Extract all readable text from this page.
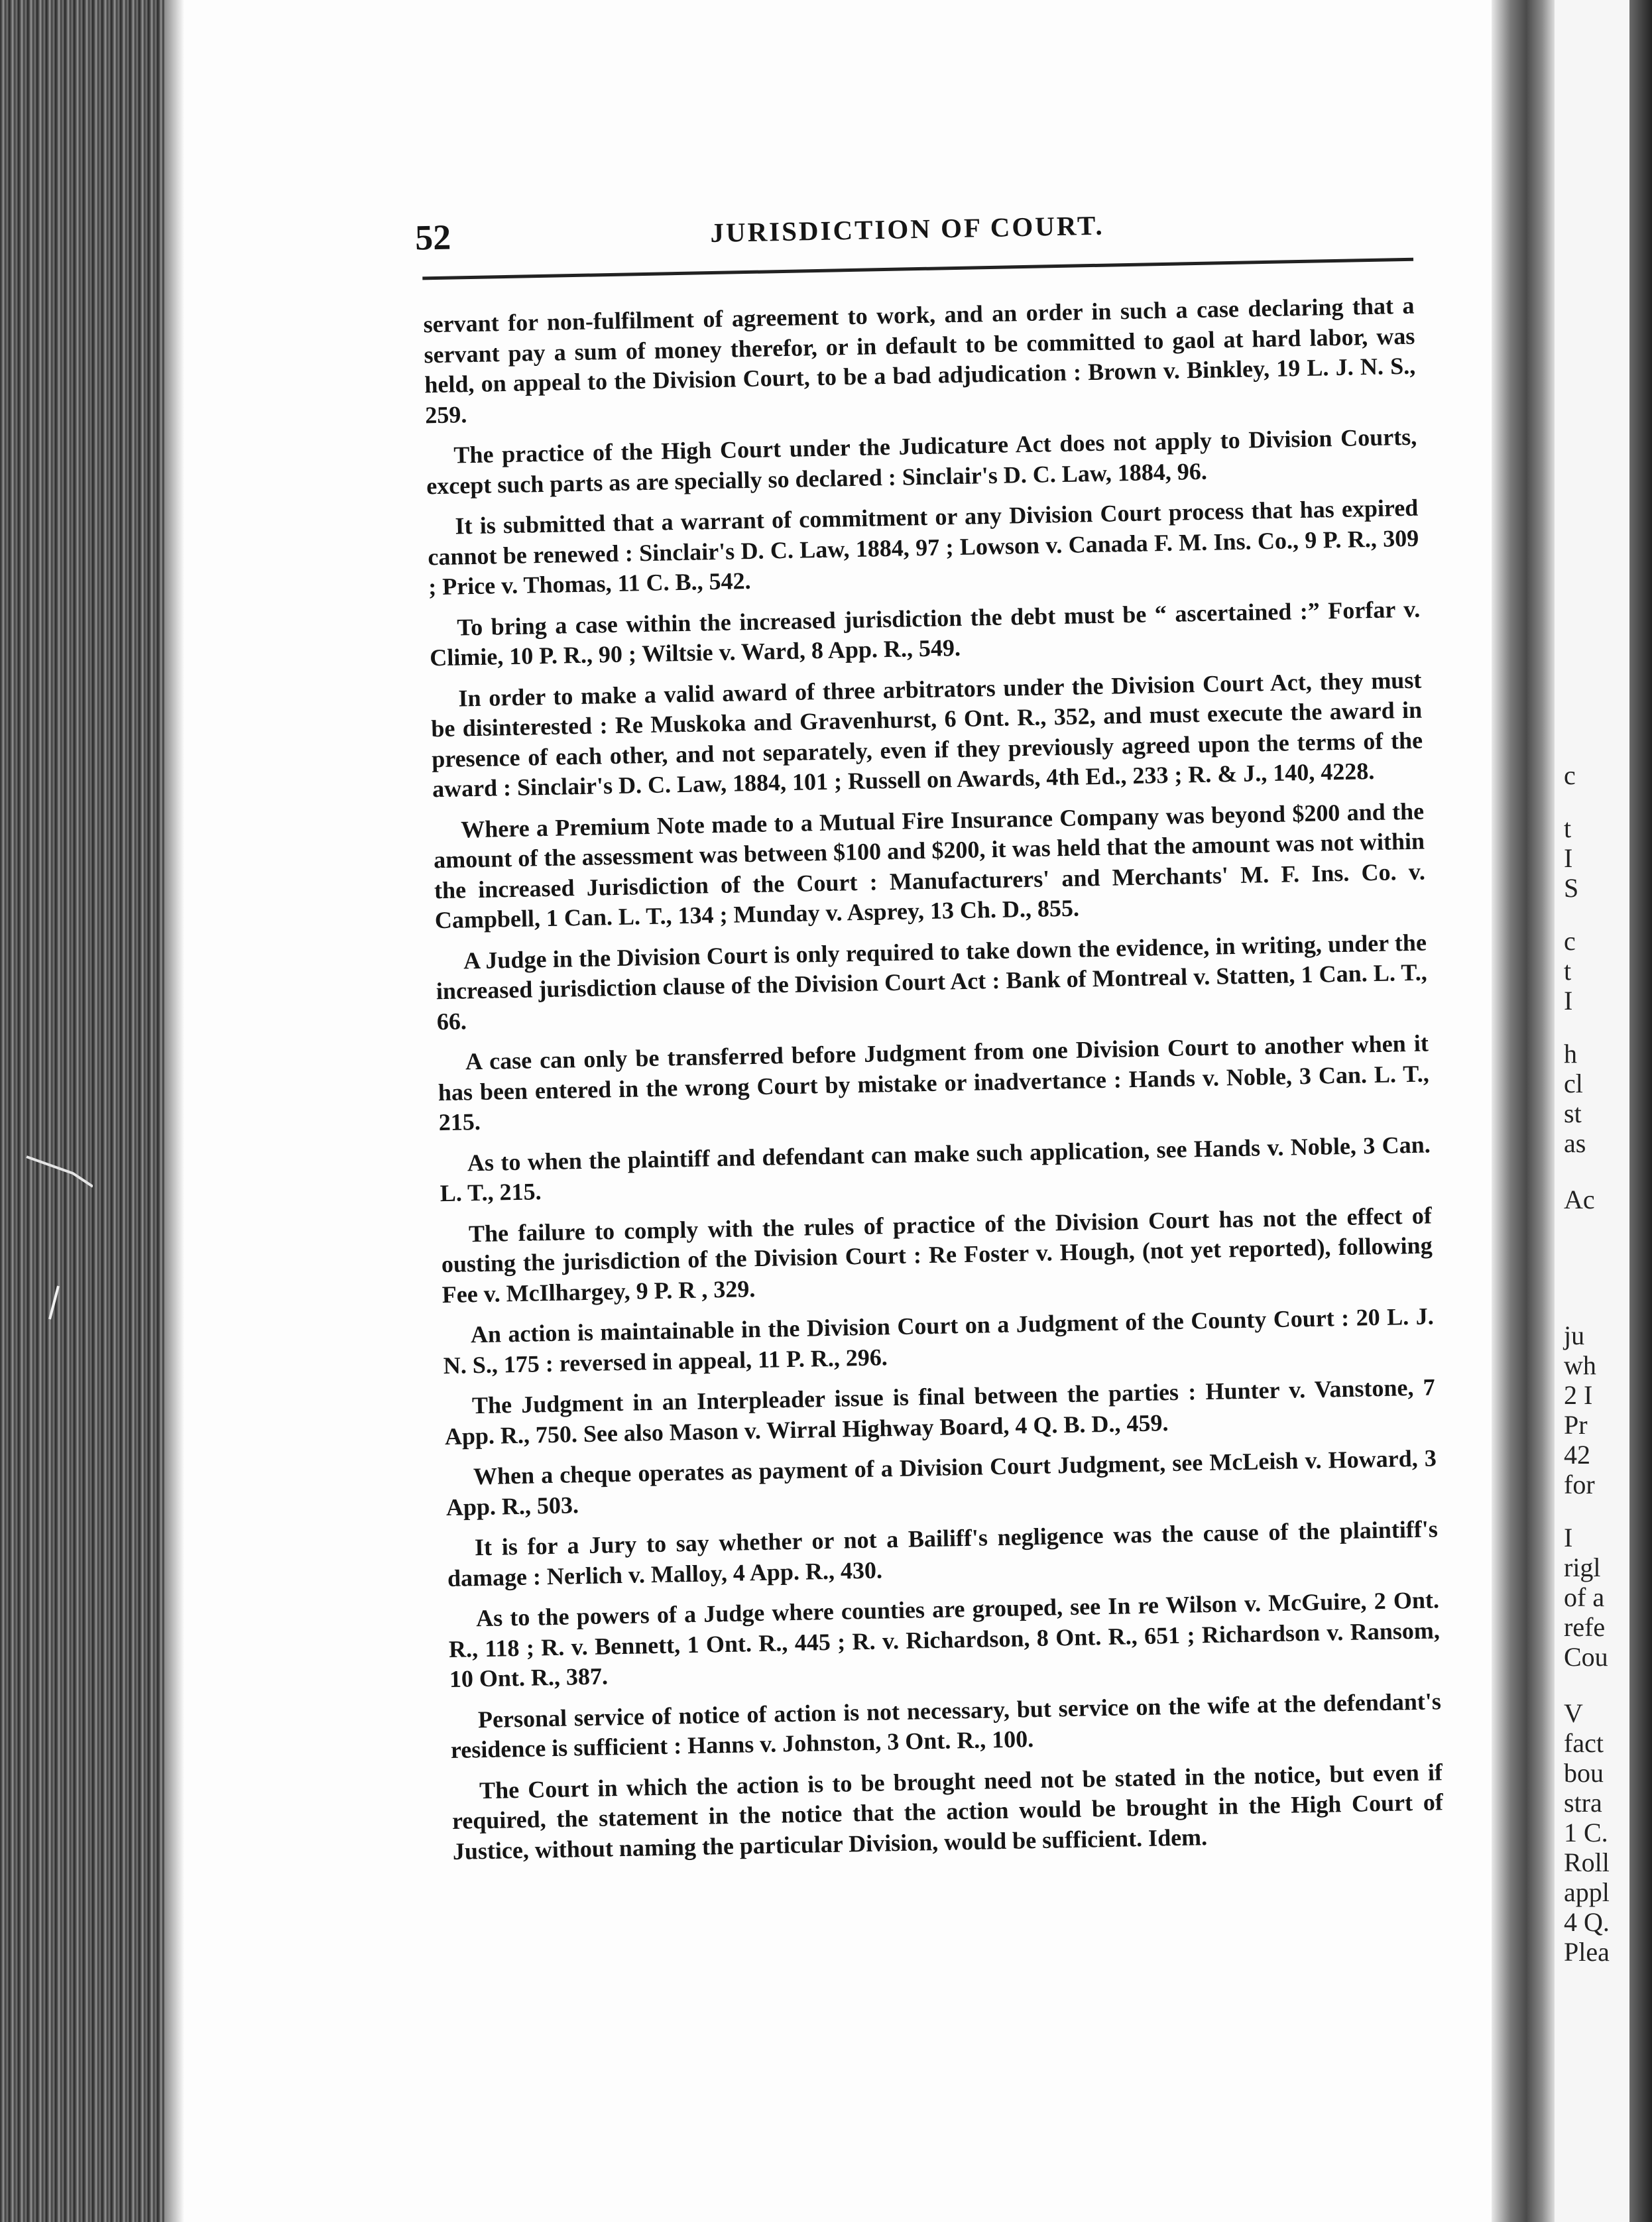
52	JURISDICTION OF COURT.

servant for non-fulfilment of agreement to work, and an order in such a case declaring that a servant pay a sum of money therefor, or in default to be committed to gaol at hard labor, was held, on appeal to the Division Court, to be a bad adjudication : Brown v. Binkley, 19 L. J. N. S., 259.

The practice of the High Court under the Judicature Act does not apply to Division Courts, except such parts as are specially so declared : Sinclair's D. C. Law, 1884, 96.

It is submitted that a warrant of commitment or any Division Court process that has expired cannot be renewed : Sinclair's D. C. Law, 1884, 97 ; Lowson v. Canada F. M. Ins. Co., 9 P. R., 309 ; Price v. Thomas, 11 C. B., 542.

To bring a case within the increased jurisdiction the debt must be “ ascertained :” Forfar v. Climie, 10 P. R., 90 ; Wiltsie v. Ward, 8 App. R., 549.

In order to make a valid award of three arbitrators under the Division Court Act, they must be disinterested : Re Muskoka and Gravenhurst, 6 Ont. R., 352, and must execute the award in presence of each other, and not separately, even if they previously agreed upon the terms of the award : Sinclair's D. C. Law, 1884, 101 ; Russell on Awards, 4th Ed., 233 ; R. & J., 140, 4228.

Where a Premium Note made to a Mutual Fire Insurance Company was beyond $200 and the amount of the assessment was between $100 and $200, it was held that the amount was not within the increased Jurisdiction of the Court : Manufacturers' and Merchants' M. F. Ins. Co. v. Campbell, 1 Can. L. T., 134 ; Munday v. Asprey, 13 Ch. D., 855.

A Judge in the Division Court is only required to take down the evidence, in writing, under the increased jurisdiction clause of the Division Court Act : Bank of Montreal v. Statten, 1 Can. L. T., 66.

A case can only be transferred before Judgment from one Division Court to another when it has been entered in the wrong Court by mistake or inadvertance : Hands v. Noble, 3 Can. L. T., 215.

As to when the plaintiff and defendant can make such application, see Hands v. Noble, 3 Can. L. T., 215.

The failure to comply with the rules of practice of the Division Court has not the effect of ousting the jurisdiction of the Division Court : Re Foster v. Hough, (not yet reported), following Fee v. McIlhargey, 9 P. R , 329.

An action is maintainable in the Division Court on a Judgment of the County Court : 20 L. J. N. S., 175 : reversed in appeal, 11 P. R., 296.

The Judgment in an Interpleader issue is final between the parties : Hunter v. Vanstone, 7 App. R., 750. See also Mason v. Wirral Highway Board, 4 Q. B. D., 459.

When a cheque operates as payment of a Division Court Judgment, see McLeish v. Howard, 3 App. R., 503.

It is for a Jury to say whether or not a Bailiff's negligence was the cause of the plaintiff's damage : Nerlich v. Malloy, 4 App. R., 430.

As to the powers of a Judge where counties are grouped, see In re Wilson v. McGuire, 2 Ont. R., 118 ; R. v. Bennett, 1 Ont. R., 445 ; R. v. Richardson, 8 Ont. R., 651 ; Richardson v. Ransom, 10 Ont. R., 387.

Personal service of notice of action is not necessary, but service on the wife at the defendant's residence is sufficient : Hanns v. Johnston, 3 Ont. R., 100.

The Court in which the action is to be brought need not be stated in the notice, but even if required, the statement in the notice that the action would be brought in the High Court of Justice, without naming the particular Division, would be sufficient. Idem.

c
t
I
S
c
t
I
h
cl
st
as
Ac
ju
wh
2 I
Pr
42
for
I
rigl
of a
refe
Cou
V
fact
bou
stra
1 C.
Roll
appl
4 Q.
Plea
